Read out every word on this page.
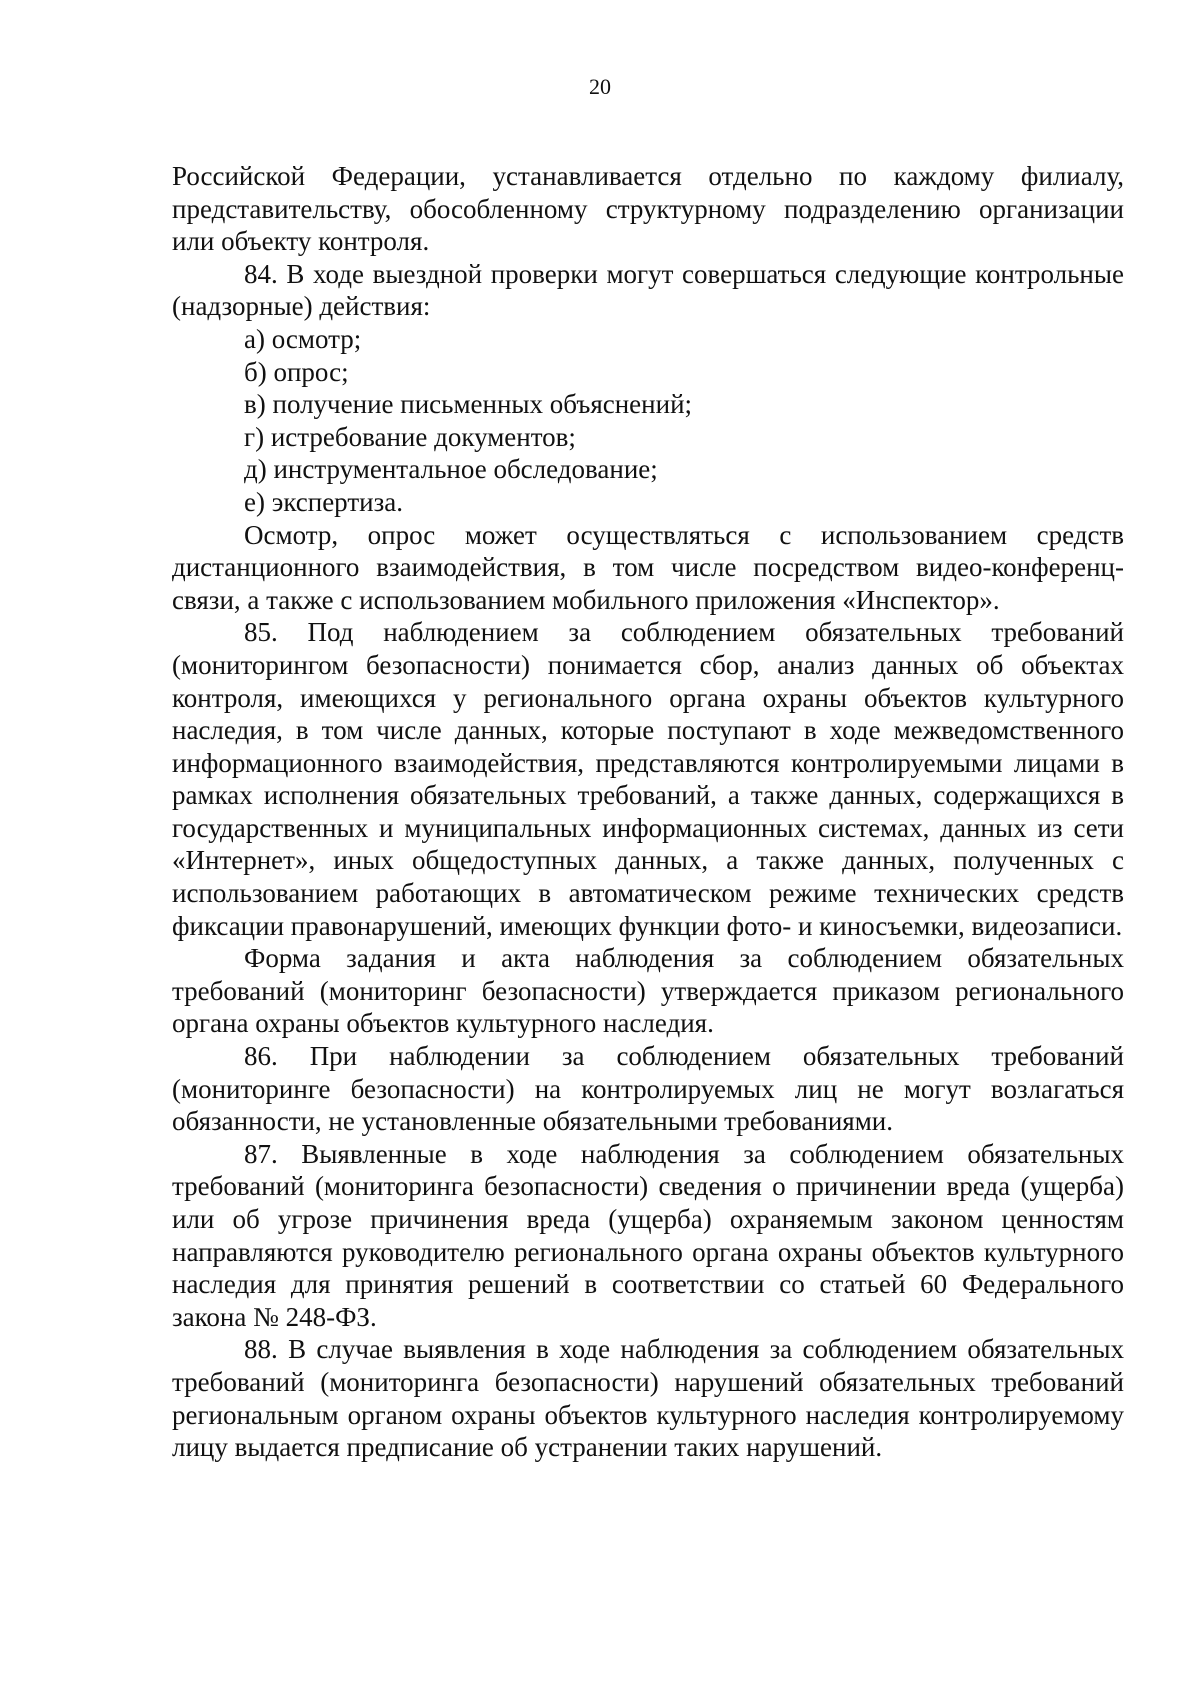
20

Российской Федерации, устанавливается отдельно по каждому филиалу, представительству, обособленному структурному подразделению организации или объекту контроля.

84. В ходе выездной проверки могут совершаться следующие контрольные (надзорные) действия:

а) осмотр;

б) опрос;

в) получение письменных объяснений;

г) истребование документов;

д) инструментальное обследование;

е) экспертиза.

Осмотр, опрос может осуществляться с использованием средств дистанционного взаимодействия, в том числе посредством видео-конференц-связи, а также с использованием мобильного приложения «Инспектор».

85. Под наблюдением за соблюдением обязательных требований (мониторингом безопасности) понимается сбор, анализ данных об объектах контроля, имеющихся у регионального органа охраны объектов культурного наследия, в том числе данных, которые поступают в ходе межведомственного информационного взаимодействия, представляются контролируемыми лицами в рамках исполнения обязательных требований, а также данных, содержащихся в государственных и муниципальных информационных системах, данных из сети «Интернет», иных общедоступных данных, а также данных, полученных с использованием работающих в автоматическом режиме технических средств фиксации правонарушений, имеющих функции фото- и киносъемки, видеозаписи.

Форма задания и акта наблюдения за соблюдением обязательных требований (мониторинг безопасности) утверждается приказом регионального органа охраны объектов культурного наследия.

86. При наблюдении за соблюдением обязательных требований (мониторинге безопасности) на контролируемых лиц не могут возлагаться обязанности, не установленные обязательными требованиями.

87. Выявленные в ходе наблюдения за соблюдением обязательных требований (мониторинга безопасности) сведения о причинении вреда (ущерба) или об угрозе причинения вреда (ущерба) охраняемым законом ценностям направляются руководителю регионального органа охраны объектов культурного наследия для принятия решений в соответствии со статьей 60 Федерального закона № 248-ФЗ.

88. В случае выявления в ходе наблюдения за соблюдением обязательных требований (мониторинга безопасности) нарушений обязательных требований региональным органом охраны объектов культурного наследия контролируемому лицу выдается предписание об устранении таких нарушений.
